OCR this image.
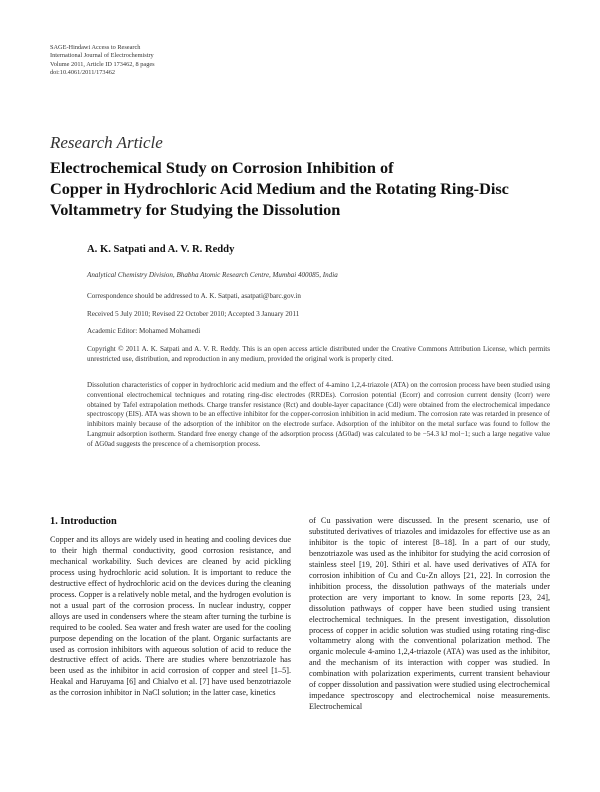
SAGE-Hindawi Access to Research
International Journal of Electrochemistry
Volume 2011, Article ID 173462, 8 pages
doi:10.4061/2011/173462
Research Article
Electrochemical Study on Corrosion Inhibition of
Copper in Hydrochloric Acid Medium and the Rotating Ring-Disc
Voltammetry for Studying the Dissolution
A. K. Satpati and A. V. R. Reddy
Analytical Chemistry Division, Bhabha Atomic Research Centre, Mumbai 400085, India
Correspondence should be addressed to A. K. Satpati, asatpati@barc.gov.in
Received 5 July 2010; Revised 22 October 2010; Accepted 3 January 2011
Academic Editor: Mohamed Mohamedi
Copyright © 2011 A. K. Satpati and A. V. R. Reddy. This is an open access article distributed under the Creative Commons Attribution License, which permits unrestricted use, distribution, and reproduction in any medium, provided the original work is properly cited.
Dissolution characteristics of copper in hydrochloric acid medium and the effect of 4-amino 1,2,4-triazole (ATA) on the corrosion process have been studied using conventional electrochemical techniques and rotating ring-disc electrodes (RRDEs). Corrosion potential (Ecorr) and corrosion current density (Icorr) were obtained by Tafel extrapolation methods. Charge transfer resistance (Rct) and double-layer capacitance (Cdl) were obtained from the electrochemical impedance spectroscopy (EIS). ATA was shown to be an effective inhibitor for the copper-corrosion inhibition in acid medium. The corrosion rate was retarded in presence of inhibitors mainly because of the adsorption of the inhibitor on the electrode surface. Adsorption of the inhibitor on the metal surface was found to follow the Langmuir adsorption isotherm. Standard free energy change of the adsorption process (ΔG0ad) was calculated to be −54.3 kJ mol−1; such a large negative value of ΔG0ad suggests the prescence of a chemisorption process.
1. Introduction

Copper and its alloys are widely used in heating and cooling devices due to their high thermal conductivity, good corrosion resistance, and mechanical workability. Such devices are cleaned by acid pickling process using hydrochloric acid solution. It is important to reduce the destructive effect of hydrochloric acid on the devices during the cleaning process. Copper is a relatively noble metal, and the hydrogen evolution is not a usual part of the corrosion process. In nuclear industry, copper alloys are used in condensers where the steam after turning the turbine is required to be cooled. Sea water and fresh water are used for the cooling purpose depending on the location of the plant. Organic surfactants are used as corrosion inhibitors with aqueous solution of acid to reduce the destructive effect of acids. There are studies where benzotriazole has been used as the inhibitor in acid corrosion of copper and steel [1–5]. Heakal and Haruyama [6] and Chialvo et al. [7] have used benzotriazole as the corrosion inhibitor in NaCl solution; in the latter case, kinetics

of Cu passivation were discussed. In the present scenario, use of substituted derivatives of triazoles and imidazoles for effective use as an inhibitor is the topic of interest [8–18]. In a part of our study, benzotriazole was used as the inhibitor for studying the acid corrosion of stainless steel [19, 20]. Sthiri et al. have used derivatives of ATA for corrosion inhibition of Cu and Cu-Zn alloys [21, 22]. In corrosion the inhibition process, the dissolution pathways of the materials under protection are very important to know. In some reports [23, 24], dissolution pathways of copper have been studied using transient electrochemical techniques. In the present investigation, dissolution process of copper in acidic solution was studied using rotating ring-disc voltammetry along with the conventional polarization method. The organic molecule 4-amino 1,2,4-triazole (ATA) was used as the inhibitor, and the mechanism of its interaction with copper was studied. In combination with polarization experiments, current transient behaviour of copper dissolution and passivation were studied using electrochemical impedance spectroscopy and electrochemical noise measurements. Electrochemical
